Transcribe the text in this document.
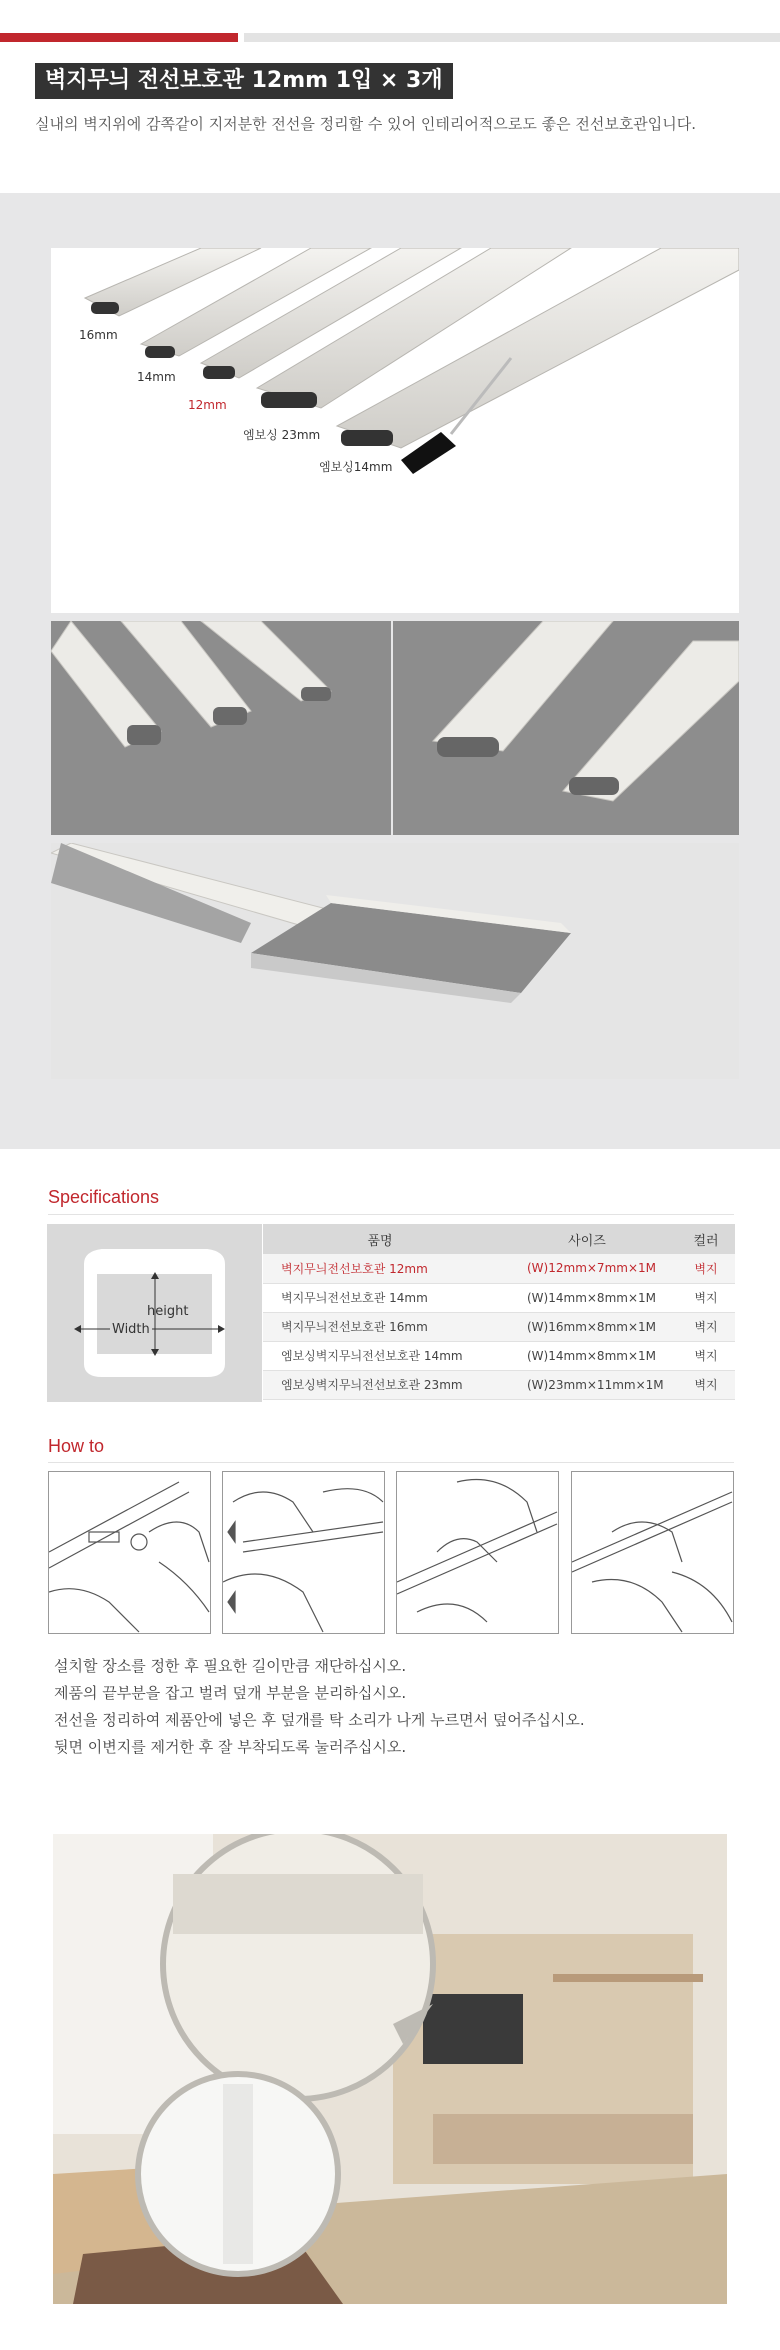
벽지무늬 전선보호관 12mm 1입 × 3개
실내의 벽지위에 감쪽같이 지저분한 전선을 정리할 수 있어 인테리어적으로도 좋은 전선보호관입니다.
16mm
14mm
12mm
엠보싱 23mm
엠보싱14mm
Specifications
height
Width
품명	사이즈	컬러
벽지무늬전선보호관 12mm	(W)12mm×7mm×1M	벽지
벽지무늬전선보호관 14mm	(W)14mm×8mm×1M	벽지
벽지무늬전선보호관 16mm	(W)16mm×8mm×1M	벽지
엠보싱벽지무늬전선보호관 14mm	(W)14mm×8mm×1M	벽지
엠보싱벽지무늬전선보호관 23mm	(W)23mm×11mm×1M	벽지
How to
설치할 장소를 정한 후 필요한 길이만큼 재단하십시오.
제품의 끝부분을 잡고 벌려 덮개 부분을 분리하십시오.
전선을 정리하여 제품안에 넣은 후 덮개를 탁 소리가 나게 누르면서 덮어주십시오.
뒷면 이변지를 제거한 후 잘 부착되도록 눌러주십시오.
